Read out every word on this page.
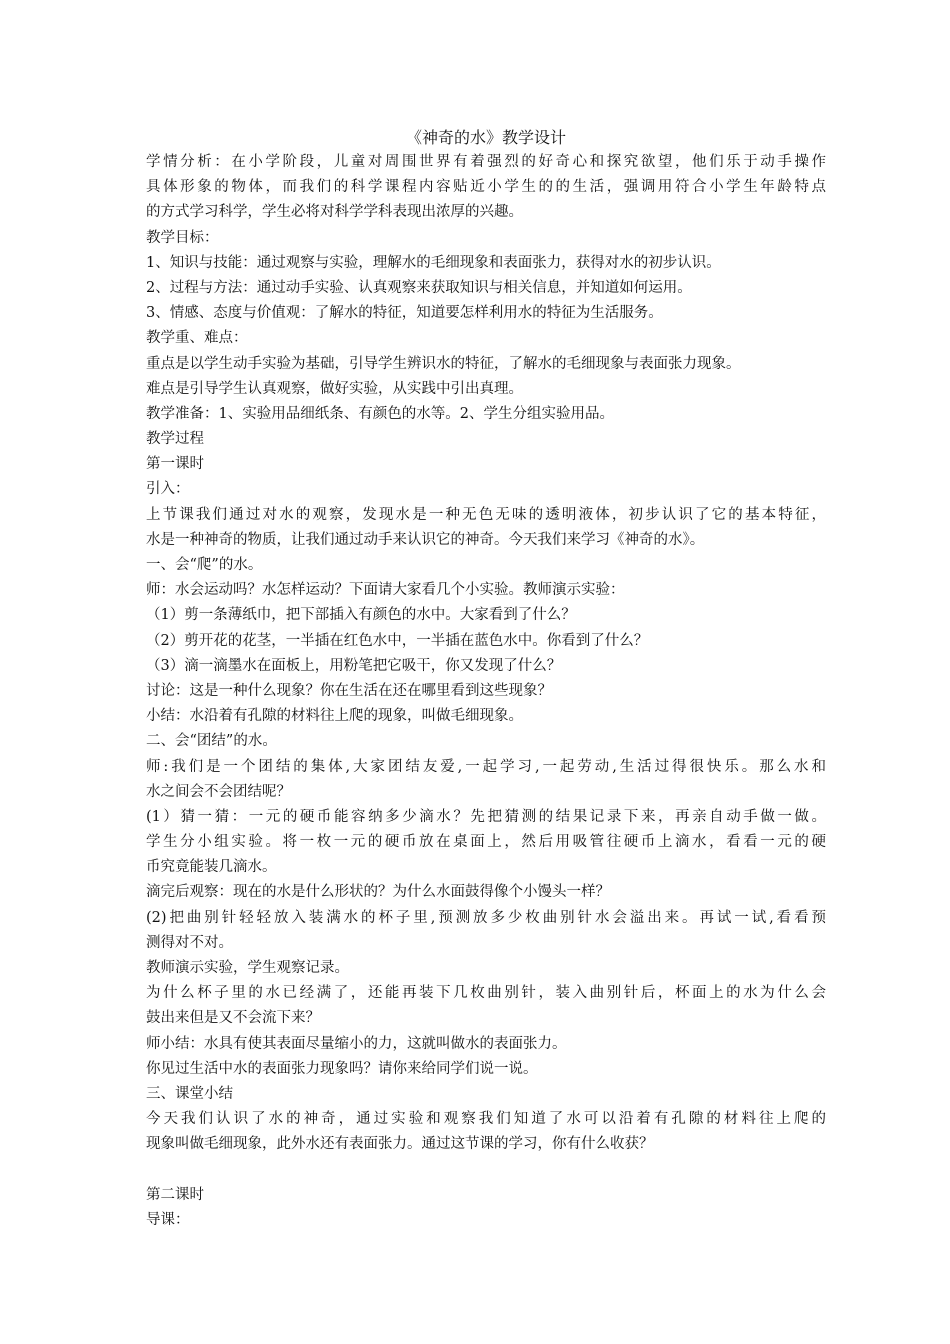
《神奇的水》教学设计
学情分析：在小学阶段，儿童对周围世界有着强烈的好奇心和探究欲望，他们乐于动手操作
具体形象的物体，而我们的科学课程内容贴近小学生的的生活，强调用符合小学生年龄特点
的方式学习科学，学生必将对科学学科表现出浓厚的兴趣。
教学目标：
1、知识与技能：通过观察与实验，理解水的毛细现象和表面张力，获得对水的初步认识。
2、过程与方法：通过动手实验、认真观察来获取知识与相关信息，并知道如何运用。
3、情感、态度与价值观：了解水的特征，知道要怎样利用水的特征为生活服务。
教学重、难点：
重点是以学生动手实验为基础，引导学生辨识水的特征，了解水的毛细现象与表面张力现象。
难点是引导学生认真观察，做好实验，从实践中引出真理。
教学准备：1、实验用品细纸条、有颜色的水等。2、学生分组实验用品。
教学过程
第一课时
引入：
上节课我们通过对水的观察，发现水是一种无色无味的透明液体，初步认识了它的基本特征，
水是一种神奇的物质，让我们通过动手来认识它的神奇。今天我们来学习《神奇的水》。
一、会“爬”的水。
师：水会运动吗？水怎样运动？下面请大家看几个小实验。教师演示实验：
（1）剪一条薄纸巾，把下部插入有颜色的水中。大家看到了什么？
（2）剪开花的花茎，一半插在红色水中，一半插在蓝色水中。你看到了什么？
（3）滴一滴墨水在面板上，用粉笔把它吸干，你又发现了什么？
讨论：这是一种什么现象？你在生活在还在哪里看到这些现象？
小结：水沿着有孔隙的材料往上爬的现象，叫做毛细现象。
二、会“团结”的水。
师:我们是一个团结的集体,大家团结友爱,一起学习,一起劳动,生活过得很快乐。那么水和
水之间会不会团结呢？
(1）猜一猜：一元的硬币能容纳多少滴水？先把猜测的结果记录下来，再亲自动手做一做。
学生分小组实验。将一枚一元的硬币放在桌面上，然后用吸管往硬币上滴水，看看一元的硬
币究竟能装几滴水。
滴完后观察：现在的水是什么形状的？为什么水面鼓得像个小馒头一样？
(2)把曲别针轻轻放入装满水的杯子里,预测放多少枚曲别针水会溢出来。再试一试,看看预
测得对不对。
教师演示实验，学生观察记录。
为什么杯子里的水已经满了，还能再装下几枚曲别针，装入曲别针后，杯面上的水为什么会
鼓出来但是又不会流下来？
师小结：水具有使其表面尽量缩小的力，这就叫做水的表面张力。
你见过生活中水的表面张力现象吗？请你来给同学们说一说。
三、课堂小结
今天我们认识了水的神奇，通过实验和观察我们知道了水可以沿着有孔隙的材料往上爬的
现象叫做毛细现象，此外水还有表面张力。通过这节课的学习，你有什么收获？
第二课时
导课：
